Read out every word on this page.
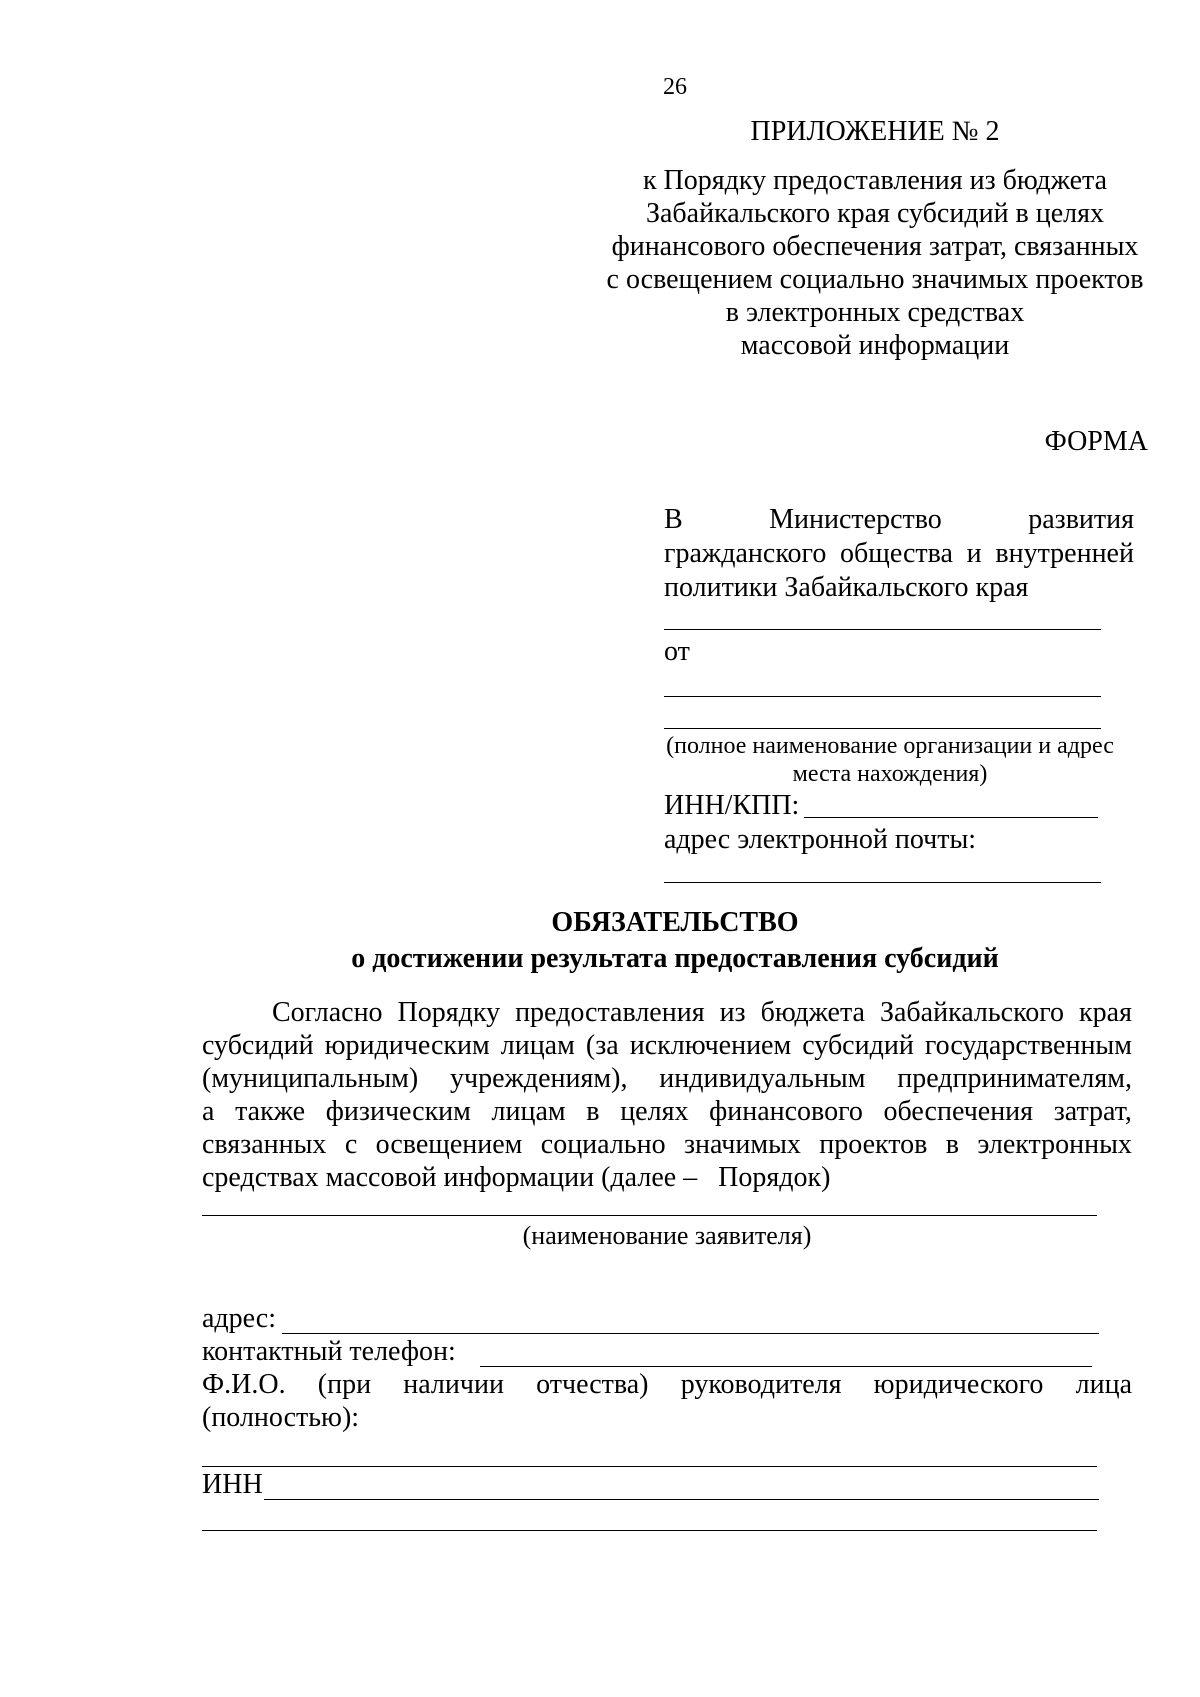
26
ПРИЛОЖЕНИЕ № 2
к Порядку предоставления из бюджета
Забайкальского края субсидий в целях
финансового обеспечения затрат, связанных
с освещением социально значимых проектов
в электронных средствах
массовой информации
ФОРМА
В	Министерство	развития
гражданского общества и внутренней
политики Забайкальского края
от
(полное наименование организации и адрес
места нахождения)
ИНН/КПП:
адрес электронной почты:
ОБЯЗАТЕЛЬСТВО
о достижении результата предоставления субсидий
Согласно Порядку предоставления из бюджета Забайкальского края
субсидий юридическим лицам (за исключением субсидий государственным
(муниципальным) учреждениям), индивидуальным предпринимателям,
а также физическим лицам в целях финансового обеспечения затрат,
связанных с освещением социально значимых проектов в электронных
средствах массовой информации (далее –   Порядок)
(наименование заявителя)
адрес:
контактный телефон:
Ф.И.О. (при наличии отчества) руководителя юридического лица
(полностью):
ИНН
